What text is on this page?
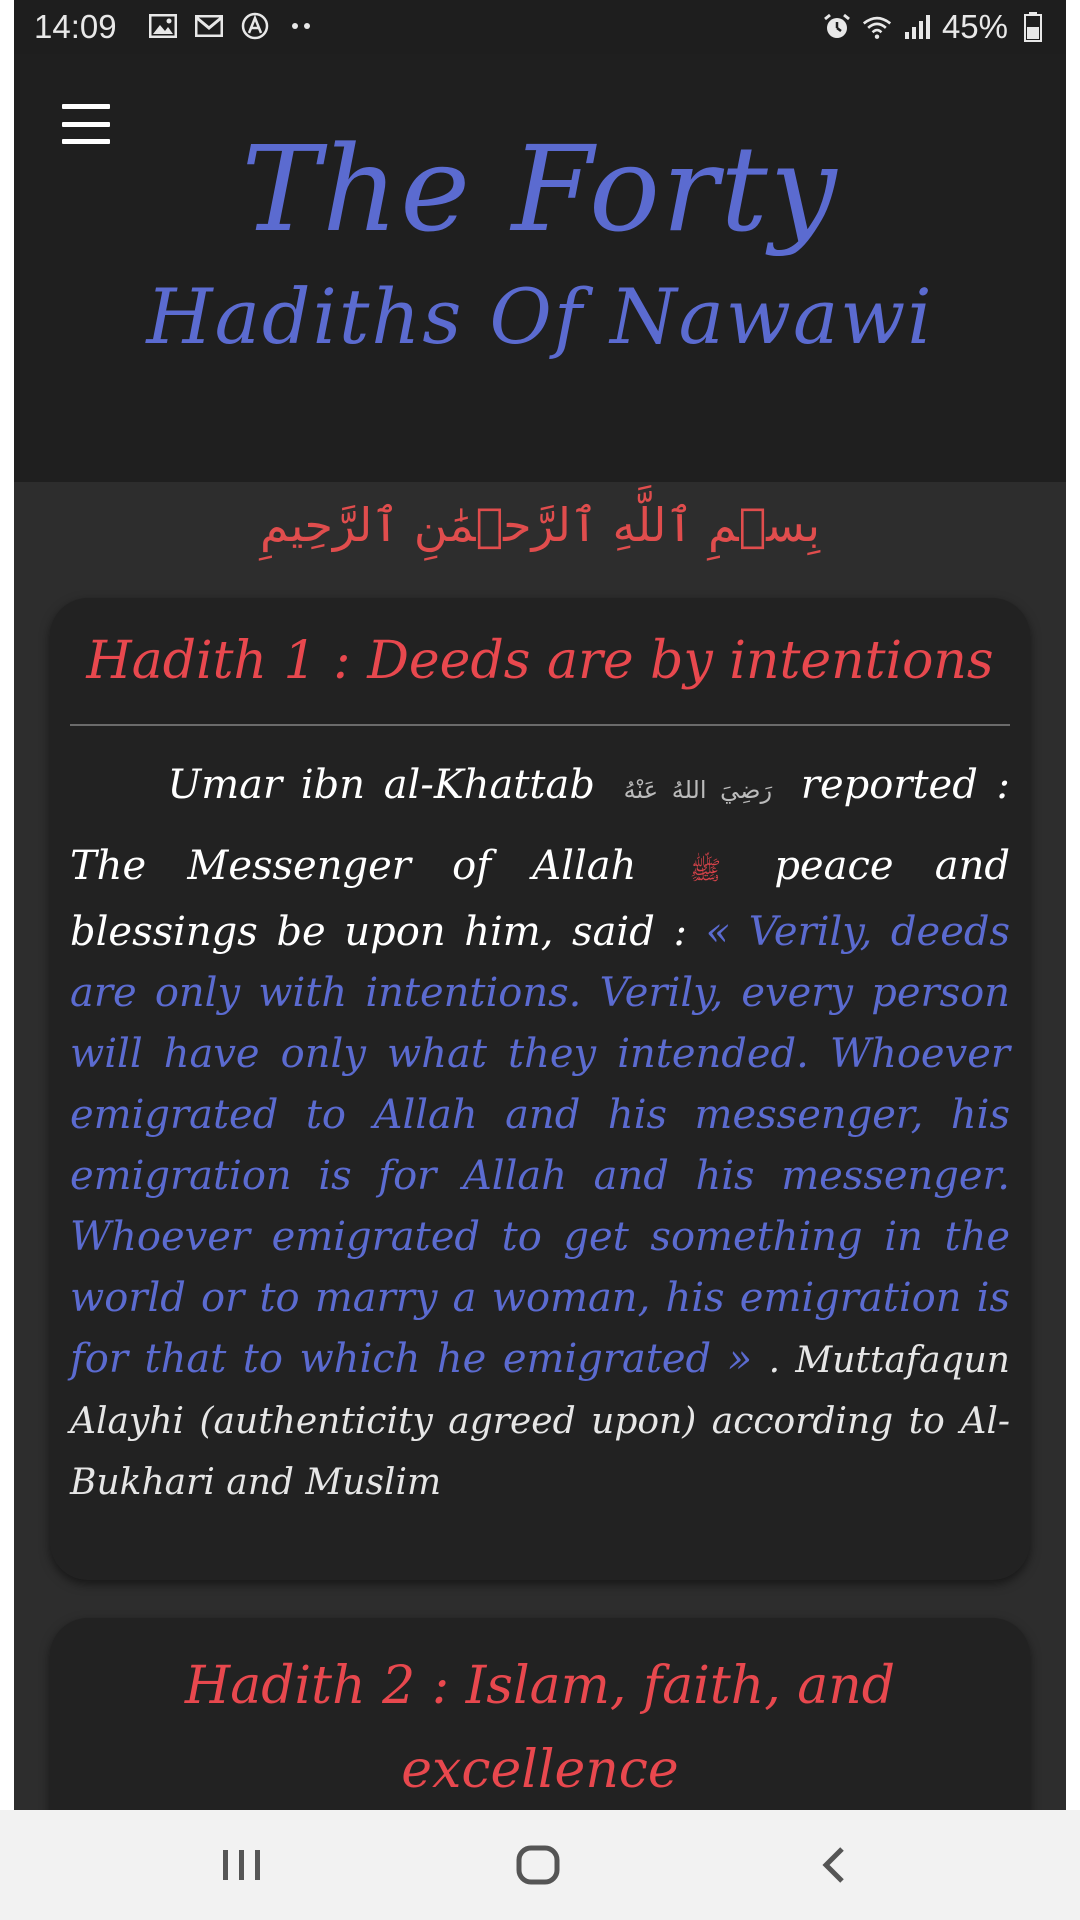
14:09	45%
The Forty
Hadiths Of Nawawi
بِسۡمِ ٱللَّهِ ٱلرَّحۡمَٰنِ ٱلرَّحِيمِ
Hadith 1 : Deeds are by intentions
Umar ibn al-Khattab رَضِيَ اللهُ عَنْهُ reported :
The Messenger of Allah ﷺ peace and blessings be upon him, said : « Verily, deeds are only with intentions. Verily, every person will have only what they intended. Whoever emigrated to Allah and his messenger, his emigration is for Allah and his messenger. Whoever emigrated to get something in the world or to marry a woman, his emigration is for that to which he emigrated » . Muttafaqun Alayhi (authenticity agreed upon) according to Al-Bukhari and Muslim
Hadith 2 : Islam, faith, and excellence
